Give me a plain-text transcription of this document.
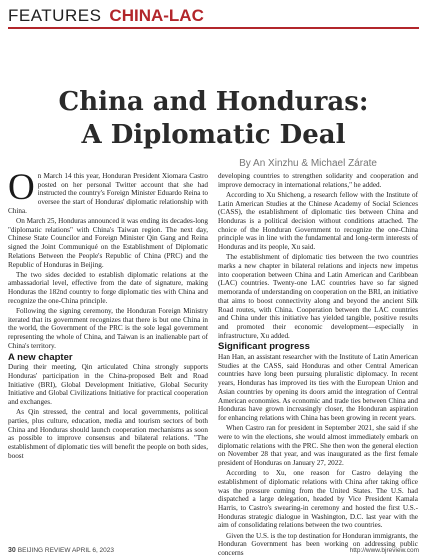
FEATURES CHINA-LAC
China and Honduras:
A Diplomatic Deal
By An Xinzhu & Michael Zárate

On March 14 this year, Honduran President Xiomara Castro posted on her personal Twitter account that she had instructed the country's Foreign Minister Eduardo Reina to oversee the start of Honduras' diplomatic relationship with China.

On March 25, Honduras announced it was ending its decades-long "diplomatic relations" with China's Taiwan region. The next day, Chinese State Councilor and Foreign Minister Qin Gang and Reina signed the Joint Communiqué on the Establishment of Diplomatic Relations Between the People's Republic of China (PRC) and the Republic of Honduras in Beijing.

The two sides decided to establish diplomatic relations at the ambassadorial level, effective from the date of signature, making Honduras the 182nd country to forge diplomatic ties with China and recognize the one-China principle.

Following the signing ceremony, the Honduran Foreign Ministry iterated that its government recognizes that there is but one China in the world, the Government of the PRC is the sole legal government representing the whole of China, and Taiwan is an inalienable part of China's territory.

A new chapter

During their meeting, Qin articulated China strongly supports Honduras' participation in the China-proposed Belt and Road Initiative (BRI), Global Development Initiative, Global Security Initiative and Global Civilizations Initiative for practical cooperation and exchanges.

As Qin stressed, the central and local governments, political parties, plus culture, education, media and tourism sectors of both China and Honduras should launch cooperation mechanisms as soon as possible to improve consensus and bilateral relations. "The establishment of diplomatic ties will benefit the people on both sides, boost

developing countries to strengthen solidarity and cooperation and improve democracy in international relations," he added.

According to Xu Shicheng, a research fellow with the Institute of Latin American Studies at the Chinese Academy of Social Sciences (CASS), the establishment of diplomatic ties between China and Honduras is a political decision without conditions attached. The choice of the Honduran Government to recognize the one-China principle was in line with the fundamental and long-term interests of Honduras and its people, Xu said.

The establishment of diplomatic ties between the two countries marks a new chapter in bilateral relations and injects new impetus into cooperation between China and Latin American and Caribbean (LAC) countries. Twenty-one LAC countries have so far signed memoranda of understanding on cooperation on the BRI, an initiative that aims to boost connectivity along and beyond the ancient Silk Road routes, with China. Cooperation between the LAC countries and China under this initiative has yielded tangible, positive results and promoted their economic development—especially in infrastructure, Xu added.

Significant progress

Han Han, an assistant researcher with the Institute of Latin American Studies at the CASS, said Honduras and other Central American countries have long been pursuing pluralistic diplomacy. In recent years, Honduras has improved its ties with the European Union and Asian countries by opening its doors amid the integration of Central American economies. As economic and trade ties between China and Honduras have grown increasingly closer, the Honduran aspiration for enhancing relations with China has been growing in recent years.

When Castro ran for president in September 2021, she said if she were to win the elections, she would almost immediately embark on diplomatic relations with the PRC. She then won the general election on November 28 that year, and was inaugurated as the first female president of Honduras on January 27, 2022.

According to Xu, one reason for Castro delaying the establishment of diplomatic relations with China after taking office was the pressure coming from the United States. The U.S. had dispatched a large delegation, headed by Vice President Kamala Harris, to Castro's swearing-in ceremony and hosted the first U.S.-Honduras strategic dialogue in Washington, D.C. last year with the aim of consolidating relations between the two countries.

Given the U.S. is the top destination for Honduran immigrants, the Honduran Government has been working on addressing public concerns

30 BEIJING REVIEW APRIL 6, 2023	http://www.bjreview.com
